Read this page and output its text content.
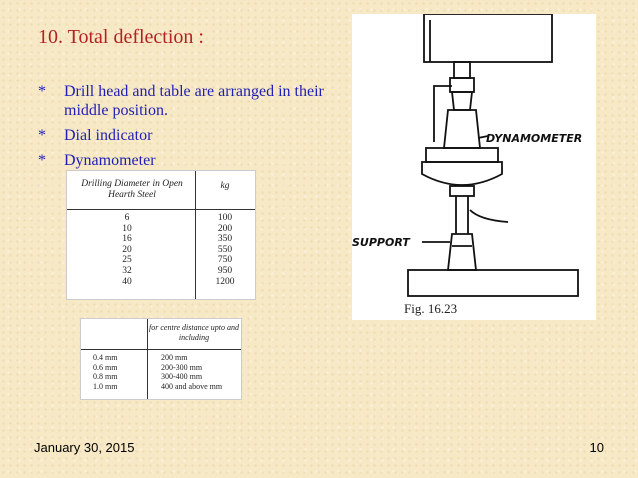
10. Total deflection :
* Drill head and table are arranged in their middle position.
* Dial indicator
* Dynamometer
Drilling Diameter in Open Hearth Steel
kg
6
10
16
20
25
32
40
100
200
350
550
750
950
1200
for centre distance upto and including
0.4 mm
0.6 mm
0.8 mm
1.0 mm
200 mm
200-300 mm
300-400 mm
400 and above mm
DYNAMOMETER
SUPPORT
Fig. 16.23
January 30, 2015	10
